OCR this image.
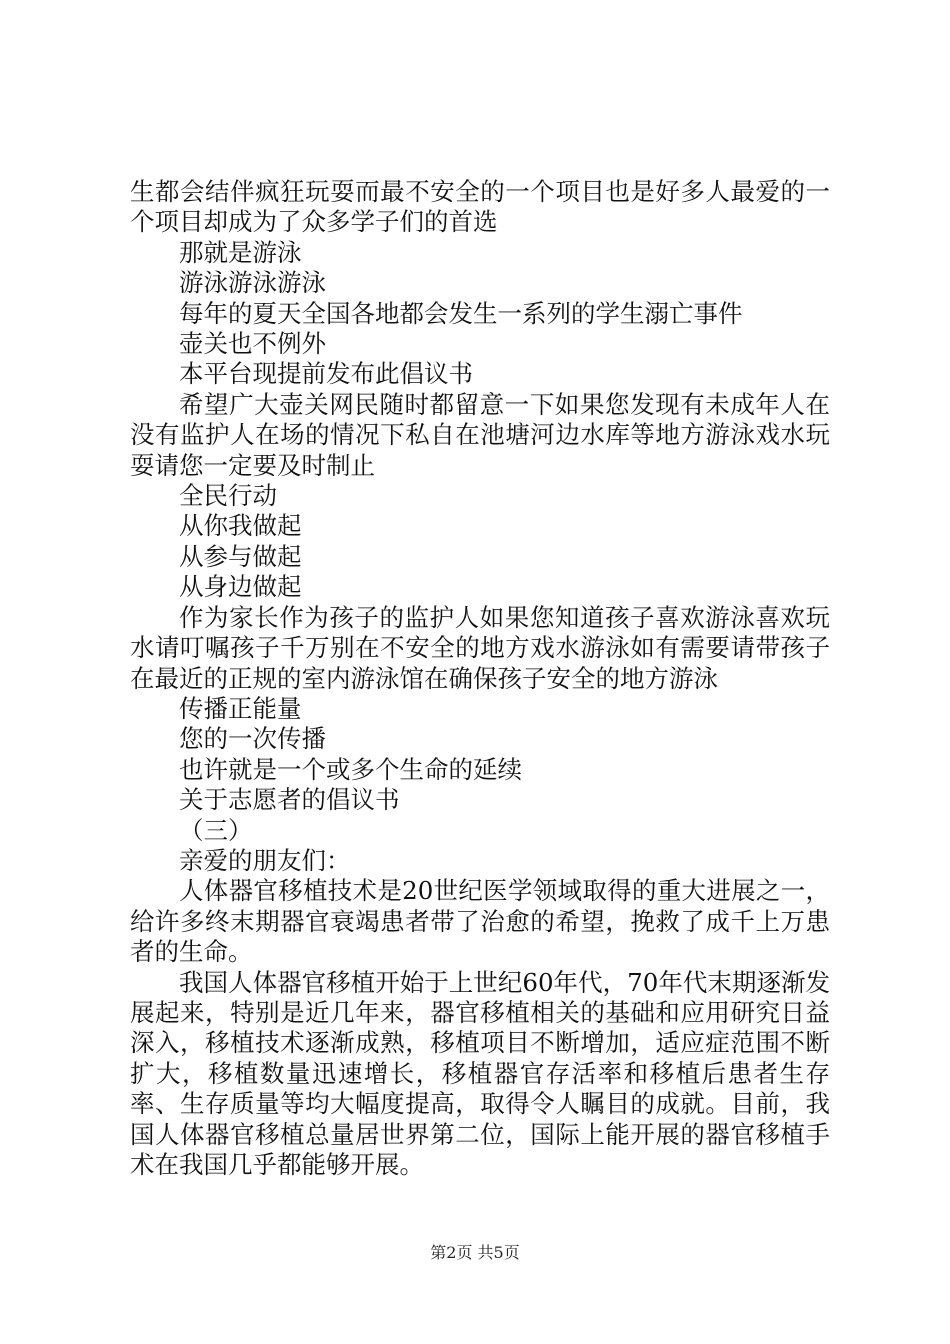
生都会结伴疯狂玩耍而最不安全的一个项目也是好多人最爱的一个项目却成为了众多学子们的首选

那就是游泳

游泳游泳游泳

每年的夏天全国各地都会发生一系列的学生溺亡事件

壶关也不例外

本平台现提前发布此倡议书

希望广大壶关网民随时都留意一下如果您发现有未成年人在没有监护人在场的情况下私自在池塘河边水库等地方游泳戏水玩耍请您一定要及时制止

全民行动

从你我做起

从参与做起

从身边做起

作为家长作为孩子的监护人如果您知道孩子喜欢游泳喜欢玩水请叮嘱孩子千万别在不安全的地方戏水游泳如有需要请带孩子在最近的正规的室内游泳馆在确保孩子安全的地方游泳

传播正能量

您的一次传播

也许就是一个或多个生命的延续

关于志愿者的倡议书

（三）

亲爱的朋友们：

人体器官移植技术是20世纪医学领域取得的重大进展之一，给许多终末期器官衰竭患者带了治愈的希望，挽救了成千上万患者的生命。

我国人体器官移植开始于上世纪60年代，70年代末期逐渐发展起来，特别是近几年来，器官移植相关的基础和应用研究日益深入，移植技术逐渐成熟，移植项目不断增加，适应症范围不断扩大，移植数量迅速增长，移植器官存活率和移植后患者生存率、生存质量等均大幅度提高，取得令人瞩目的成就。目前，我国人体器官移植总量居世界第二位，国际上能开展的器官移植手术在我国几乎都能够开展。

第2页 共5页
